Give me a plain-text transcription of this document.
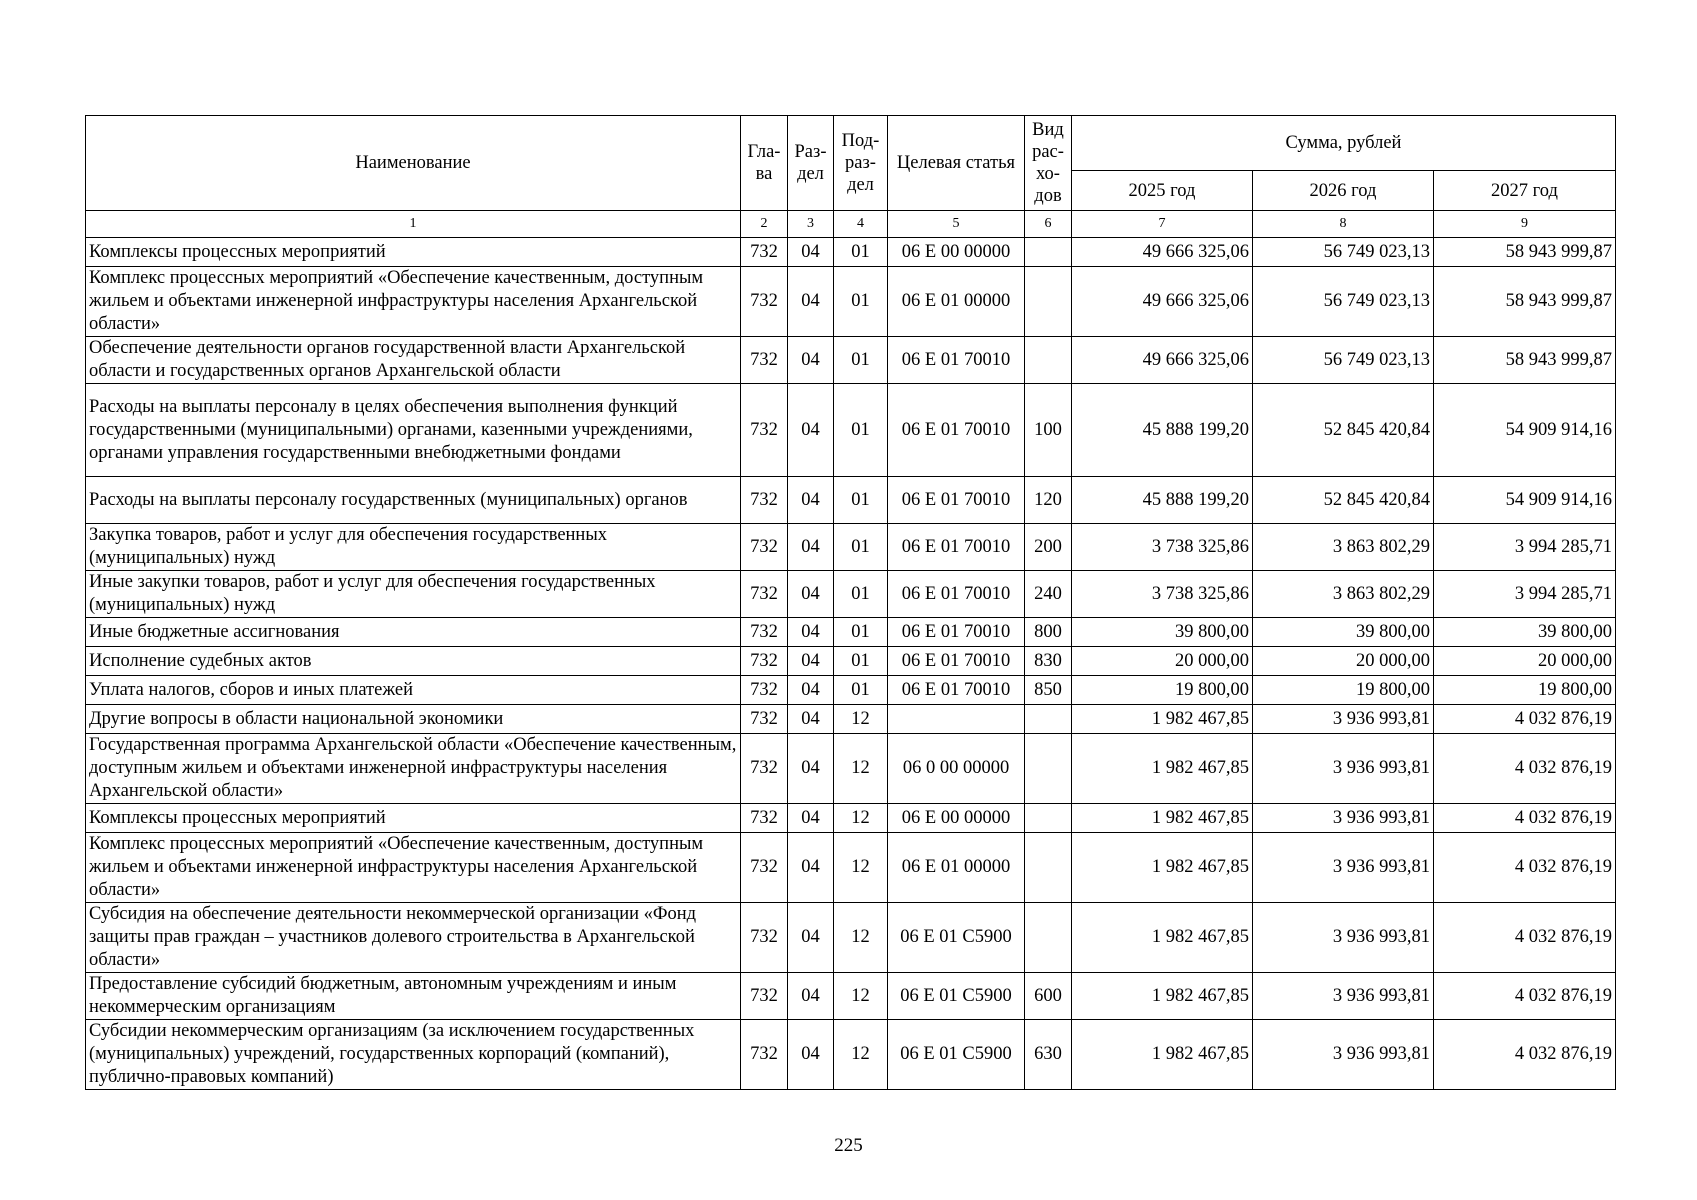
Наименование	Гла-ва	Раз-дел	Под-раз-дел	Целевая статья	Вид рас-хо-дов	Сумма, рублей		
						2025 год	2026 год	2027 год
1	2	3	4	5	6	7	8	9
Комплексы процессных мероприятий	732	04	01	06 Е 00 00000		49 666 325,06	56 749 023,13	58 943 999,87
Комплекс процессных мероприятий «Обеспечение качественным, доступным жильем и объектами инженерной инфраструктуры населения Архангельской области»	732	04	01	06 Е 01 00000		49 666 325,06	56 749 023,13	58 943 999,87
Обеспечение деятельности органов государственной власти Архангельской области и государственных органов Архангельской области	732	04	01	06 Е 01 70010		49 666 325,06	56 749 023,13	58 943 999,87
Расходы на выплаты персоналу в целях обеспечения выполнения функций государственными (муниципальными) органами, казенными учреждениями, органами управления государственными внебюджетными фондами	732	04	01	06 Е 01 70010	100	45 888 199,20	52 845 420,84	54 909 914,16
Расходы на выплаты персоналу государственных (муниципальных) органов	732	04	01	06 Е 01 70010	120	45 888 199,20	52 845 420,84	54 909 914,16
Закупка товаров, работ и услуг для обеспечения государственных (муниципальных) нужд	732	04	01	06 Е 01 70010	200	3 738 325,86	3 863 802,29	3 994 285,71
Иные закупки товаров, работ и услуг для обеспечения государственных (муниципальных) нужд	732	04	01	06 Е 01 70010	240	3 738 325,86	3 863 802,29	3 994 285,71
Иные бюджетные ассигнования	732	04	01	06 Е 01 70010	800	39 800,00	39 800,00	39 800,00
Исполнение судебных актов	732	04	01	06 Е 01 70010	830	20 000,00	20 000,00	20 000,00
Уплата налогов, сборов и иных платежей	732	04	01	06 Е 01 70010	850	19 800,00	19 800,00	19 800,00
Другие вопросы в области национальной экономики	732	04	12			1 982 467,85	3 936 993,81	4 032 876,19
Государственная программа Архангельской области «Обеспечение качественным, доступным жильем и объектами инженерной инфраструктуры населения Архангельской области»	732	04	12	06 0 00 00000		1 982 467,85	3 936 993,81	4 032 876,19
Комплексы процессных мероприятий	732	04	12	06 Е 00 00000		1 982 467,85	3 936 993,81	4 032 876,19
Комплекс процессных мероприятий «Обеспечение качественным, доступным жильем и объектами инженерной инфраструктуры населения Архангельской области»	732	04	12	06 Е 01 00000		1 982 467,85	3 936 993,81	4 032 876,19
Субсидия на обеспечение деятельности некоммерческой организации «Фонд защиты прав граждан – участников долевого строительства в Архангельской области»	732	04	12	06 Е 01 С5900		1 982 467,85	3 936 993,81	4 032 876,19
Предоставление субсидий бюджетным, автономным учреждениям и иным некоммерческим организациям	732	04	12	06 Е 01 С5900	600	1 982 467,85	3 936 993,81	4 032 876,19
Субсидии некоммерческим организациям (за исключением государственных (муниципальных) учреждений, государственных корпораций (компаний), публично-правовых компаний)	732	04	12	06 Е 01 С5900	630	1 982 467,85	3 936 993,81	4 032 876,19
225
